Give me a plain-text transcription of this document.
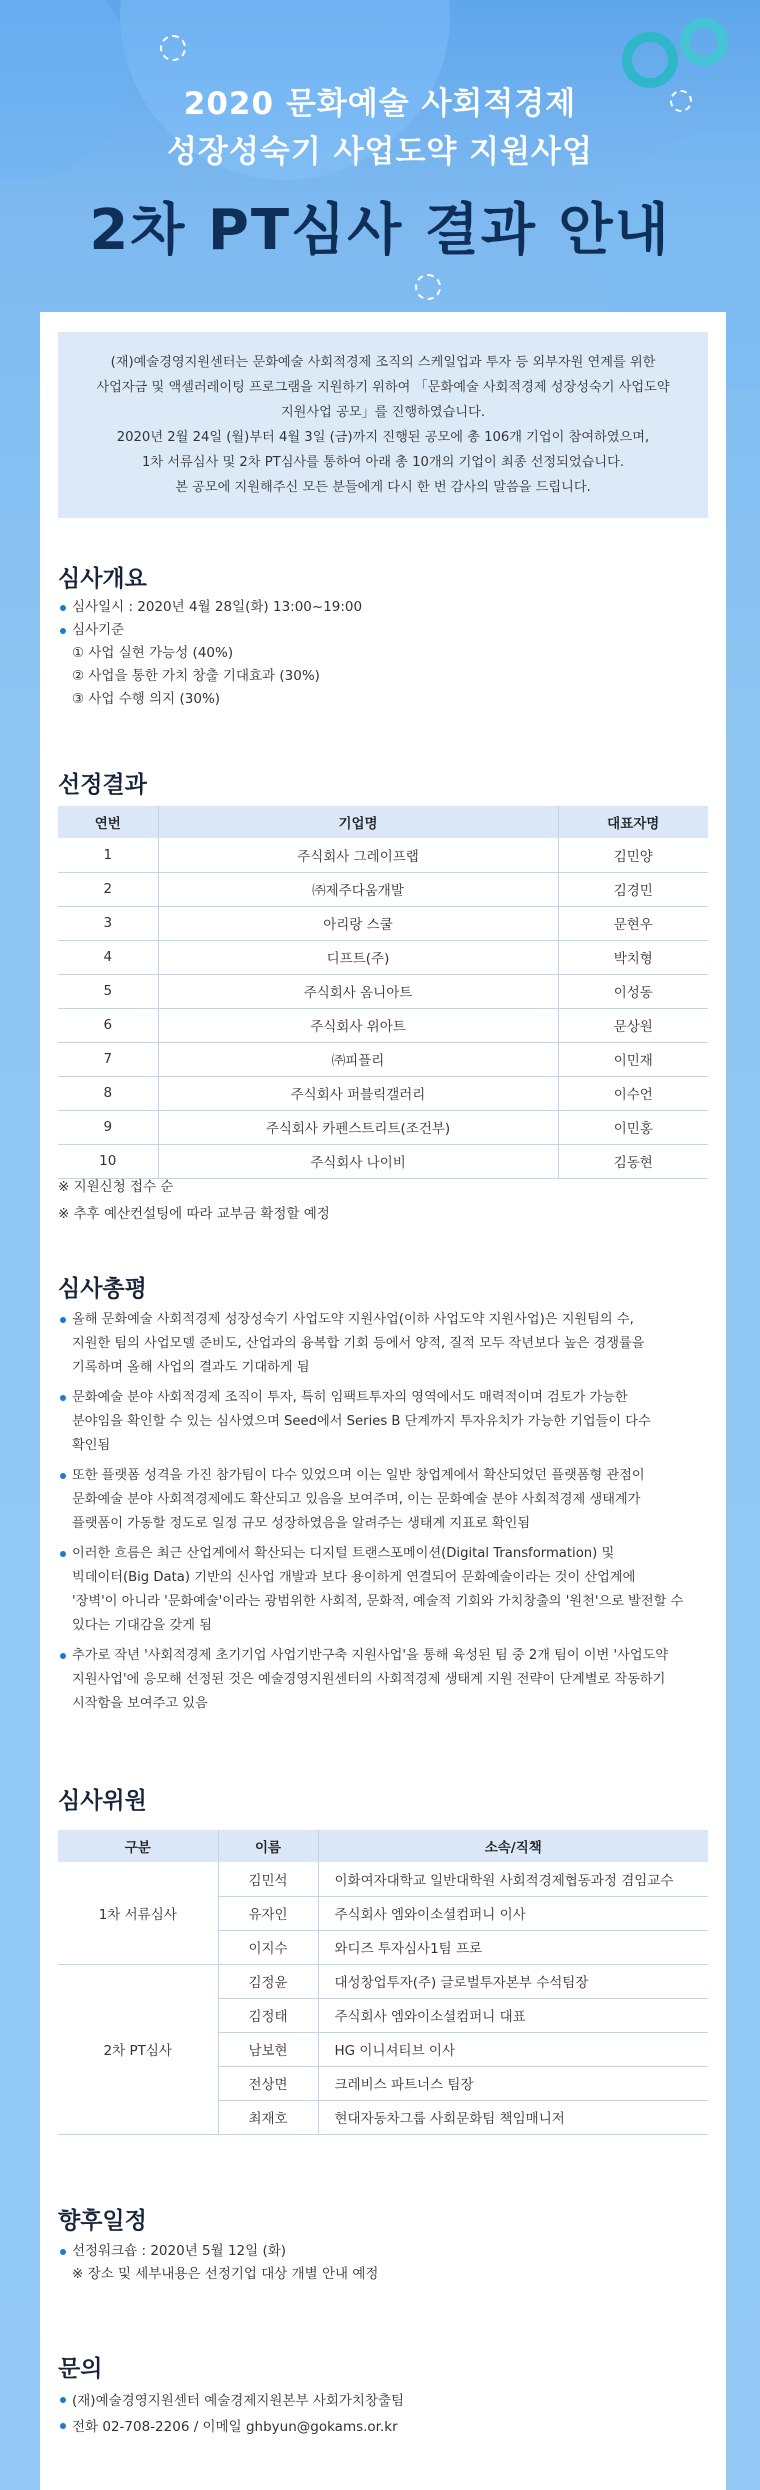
2020 문화예술 사회적경제
성장성숙기 사업도약 지원사업
2차 PT심사 결과 안내
(재)예술경영지원센터는 문화예술 사회적경제 조직의 스케일업과 투자 등 외부자원 연계를 위한
사업자금 및 액셀러레이팅 프로그램을 지원하기 위하여 「문화예술 사회적경제 성장성숙기 사업도약
지원사업 공모」를 진행하였습니다.
2020년 2월 24일 (월)부터 4월 3일 (금)까지 진행된 공모에 총 106개 기업이 참여하였으며,
1차 서류심사 및 2차 PT심사를 통하여 아래 총 10개의 기업이 최종 선정되었습니다.
본 공모에 지원해주신 모든 분들에게 다시 한 번 감사의 말씀을 드립니다.
심사개요
심사일시 : 2020년 4월 28일(화) 13:00~19:00
심사기준
① 사업 실현 가능성 (40%)
② 사업을 통한 가치 창출 기대효과 (30%)
③ 사업 수행 의지 (30%)
선정결과
연번	기업명	대표자명
1	주식회사 그레이프랩	김민양
2	㈜제주다움개발	김경민
3	아리랑 스쿨	문현우
4	디프트(주)	박치형
5	주식회사 옴니아트	이성동
6	주식회사 위아트	문상원
7	㈜피플리	이민재
8	주식회사 퍼블릭갤러리	이수언
9	주식회사 카펜스트리트(조건부)	이민홍
10	주식회사 나이비	김동현
※ 지원신청 접수 순
※ 추후 예산컨설팅에 따라 교부금 확정할 예정
심사총평
올해 문화예술 사회적경제 성장성숙기 사업도약 지원사업(이하 사업도약 지원사업)은 지원팀의 수,
지원한 팀의 사업모델 준비도, 산업과의 융복합 기회 등에서 양적, 질적 모두 작년보다 높은 경쟁률을
기록하며 올해 사업의 결과도 기대하게 됨
문화예술 분야 사회적경제 조직이 투자, 특히 임팩트투자의 영역에서도 매력적이며 검토가 가능한
분야임을 확인할 수 있는 심사였으며 Seed에서 Series B 단계까지 투자유치가 가능한 기업들이 다수
확인됨
또한 플랫폼 성격을 가진 참가팀이 다수 있었으며 이는 일반 창업계에서 확산되었던 플랫폼형 관점이
문화예술 분야 사회적경제에도 확산되고 있음을 보여주며, 이는 문화예술 분야 사회적경제 생태계가
플랫폼이 가동할 정도로 일정 규모 성장하였음을 알려주는 생태계 지표로 확인됨
이러한 흐름은 최근 산업계에서 확산되는 디지털 트랜스포메이션(Digital Transformation) 및
빅데이터(Big Data) 기반의 신사업 개발과 보다 용이하게 연결되어 문화예술이라는 것이 산업계에
'장벽'이 아니라 '문화예술'이라는 광범위한 사회적, 문화적, 예술적 기회와 가치창출의 '원천'으로 발전할 수
있다는 기대감을 갖게 됨
추가로 작년 '사회적경제 초기기업 사업기반구축 지원사업'을 통해 육성된 팀 중 2개 팀이 이번 '사업도약
지원사업'에 응모해 선정된 것은 예술경영지원센터의 사회적경제 생태계 지원 전략이 단계별로 작동하기
시작함을 보여주고 있음
심사위원
구분	이름	소속/직책
1차 서류심사	김민석	이화여자대학교 일반대학원 사회적경제협동과정 겸임교수
	유자인	주식회사 엠와이소셜컴퍼니 이사
	이지수	와디즈 투자심사1팀 프로
2차 PT심사	김정윤	대성창업투자(주) 글로벌투자본부 수석팀장
	김정태	주식회사 엠와이소셜컴퍼니 대표
	남보현	HG 이니셔티브 이사
	전상면	크레비스 파트너스 팀장
	최재호	현대자동차그룹 사회문화팀 책임매니저
향후일정
선정워크숍 : 2020년 5월 12일 (화)
※ 장소 및 세부내용은 선정기업 대상 개별 안내 예정
문의
(재)예술경영지원센터 예술경제지원본부 사회가치창출팀
전화 02-708-2206 / 이메일 ghbyun@gokams.or.kr
